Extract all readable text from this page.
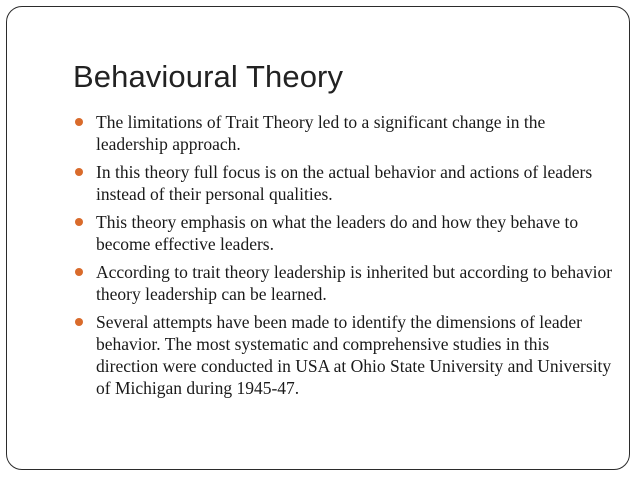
Behavioural Theory
The limitations of Trait Theory led to a significant change in the leadership approach.
In this theory full focus is on the actual behavior and actions of leaders instead of their personal qualities.
This theory emphasis on what the leaders do and how they behave to become effective leaders.
According to trait theory leadership is inherited but according to behavior theory leadership can be learned.
Several attempts have been made to identify the dimensions of leader behavior. The most systematic and comprehensive studies in this direction were conducted in USA at Ohio State University and University of Michigan during 1945-47.
